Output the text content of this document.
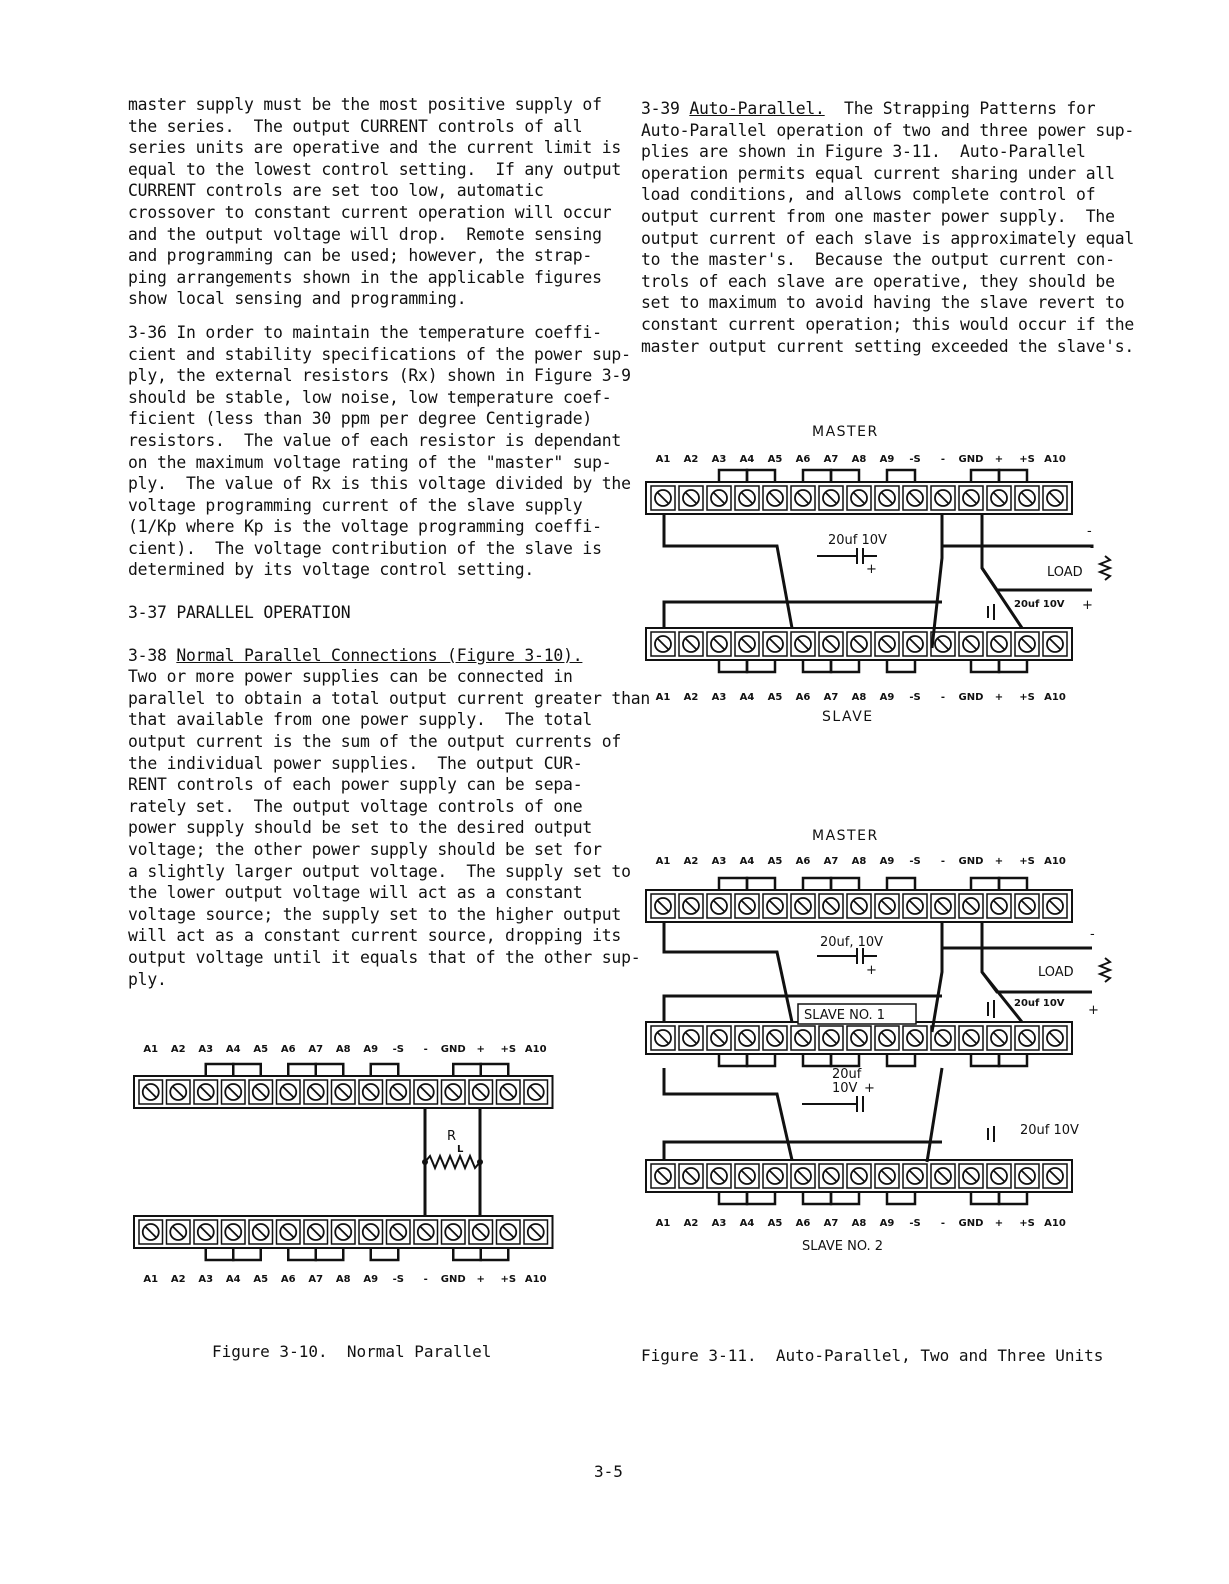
master supply must be the most positive supply of
the series.  The output CURRENT controls of all
series units are operative and the current limit is
equal to the lowest control setting.  If any output
CURRENT controls are set too low, automatic
crossover to constant current operation will occur
and the output voltage will drop.  Remote sensing
and programming can be used; however, the strap-
ping arrangements shown in the applicable figures
show local sensing and programming.
3-36 In order to maintain the temperature coeffi-
cient and stability specifications of the power sup-
ply, the external resistors (Rx) shown in Figure 3-9
should be stable, low noise, low temperature coef-
ficient (less than 30 ppm per degree Centigrade)
resistors.  The value of each resistor is dependant
on the maximum voltage rating of the "master" sup-
ply.  The value of Rx is this voltage divided by the
voltage programming current of the slave supply
(1/Kp where Kp is the voltage programming coeffi-
cient).  The voltage contribution of the slave is
determined by its voltage control setting.
3-37 PARALLEL OPERATION
3-38 Normal Parallel Connections (Figure 3-10).
Two or more power supplies can be connected in
parallel to obtain a total output current greater than
that available from one power supply.  The total
output current is the sum of the output currents of
the individual power supplies.  The output CUR-
RENT controls of each power supply can be sepa-
rately set.  The output voltage controls of one
power supply should be set to the desired output
voltage; the other power supply should be set for
a slightly larger output voltage.  The supply set to
the lower output voltage will act as a constant
voltage source; the supply set to the higher output
will act as a constant current source, dropping its
output voltage until it equals that of the other sup-
ply.
3-39 Auto-Parallel.  The Strapping Patterns for
Auto-Parallel operation of two and three power sup-
plies are shown in Figure 3-11.  Auto-Parallel
operation permits equal current sharing under all
load conditions, and allows complete control of
output current from one master power supply.  The
output current of each slave is approximately equal
to the master's.  Because the output current con-
trols of each slave are operative, they should be
set to maximum to avoid having the slave revert to
constant current operation; this would occur if the
master output current setting exceeded the slave's.
A1 A2 A3 A4 A5 A6 A7 A8 A9 -S - GND + +S A10
A1 A2 A3 A4 A5 A6 A7 A8 A9 -S - GND + +S A10
R
L
Figure 3-10.  Normal Parallel
MASTER
A1 A2 A3 A4 A5 A6 A7 A8 A9 -S - GND + +S A10
A1 A2 A3 A4 A5 A6 A7 A8 A9 -S - GND + +S A10
20uf 10V
+
20uf 10V +
LOAD
-
SLAVE
MASTER
A1 A2 A3 A4 A5 A6 A7 A8 A9 -S - GND + +S A10
A1 A2 A3 A4 A5 A6 A7 A8 A9 -S - GND + +S A10
SLAVE NO. 1
20uf, 10V
+
20uf 10V +
20uf
10V +
20uf 10V
LOAD
-
SLAVE NO. 2
Figure 3-11.  Auto-Parallel, Two and Three Units
3-5
